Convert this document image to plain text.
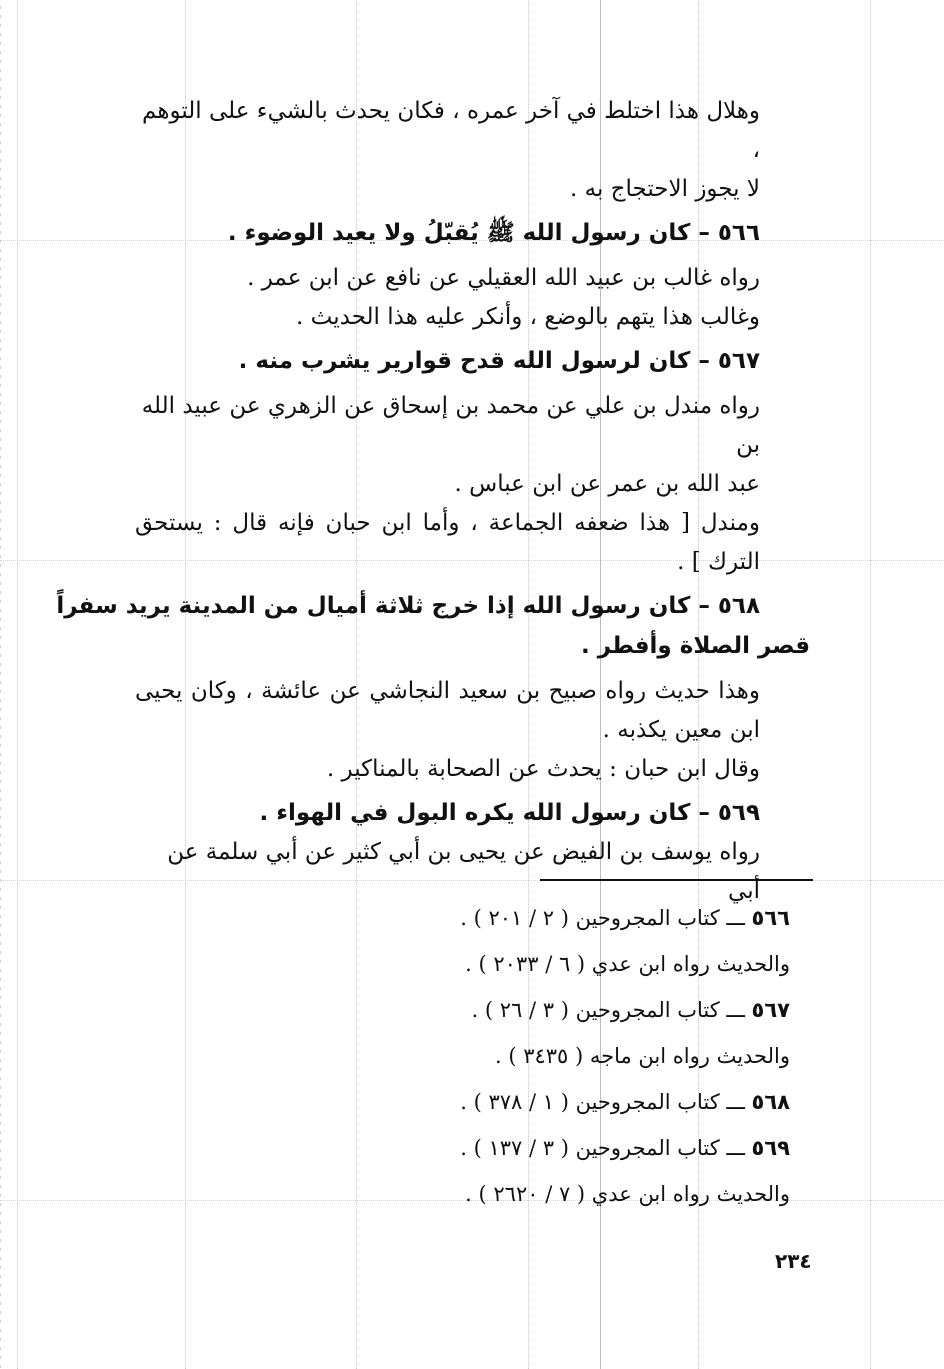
وهلال هذا اختلط في آخر عمره ، فكان يحدث بالشيء على التوهم ،
لا يجوز الاحتجاج به .
٥٦٦ – كان رسول الله ﷺ يُقبّلُ ولا يعيد الوضوء .
رواه غالب بن عبيد الله العقيلي عن نافع عن ابن عمر .
وغالب هذا يتهم بالوضع ، وأنكر عليه هذا الحديث .
٥٦٧ – كان لرسول الله قدح قوارير يشرب منه .
رواه مندل بن علي عن محمد بن إسحاق عن الزهري عن عبيد الله بن
عبد الله بن عمر عن ابن عباس .
ومندل [ هذا ضعفه الجماعة ، وأما ابن حبان فإنه قال : يستحق
الترك ] .
٥٦٨ – كان رسول الله إذا خرج ثلاثة أميال من المدينة يريد سفراً
قصر الصلاة وأفطر .
وهذا حديث رواه صبيح بن سعيد النجاشي عن عائشة ، وكان يحيى
ابن معين يكذبه .
وقال ابن حبان : يحدث عن الصحابة بالمناكير .
٥٦٩ – كان رسول الله يكره البول في الهواء .
رواه يوسف بن الفيض عن يحيى بن أبي كثير عن أبي سلمة عن أبي
٥٦٦ ـــ كتاب المجروحين ( ٢ / ٢٠١ ) .
والحديث رواه ابن عدي ( ٦ / ٢٠٣٣ ) .
٥٦٧ ـــ كتاب المجروحين ( ٣ / ٢٦ ) .
والحديث رواه ابن ماجه ( ٣٤٣٥ ) .
٥٦٨ ـــ كتاب المجروحين ( ١ / ٣٧٨ ) .
٥٦٩ ـــ كتاب المجروحين ( ٣ / ١٣٧ ) .
والحديث رواه ابن عدي ( ٧ / ٢٦٢٠ ) .
٢٣٤
